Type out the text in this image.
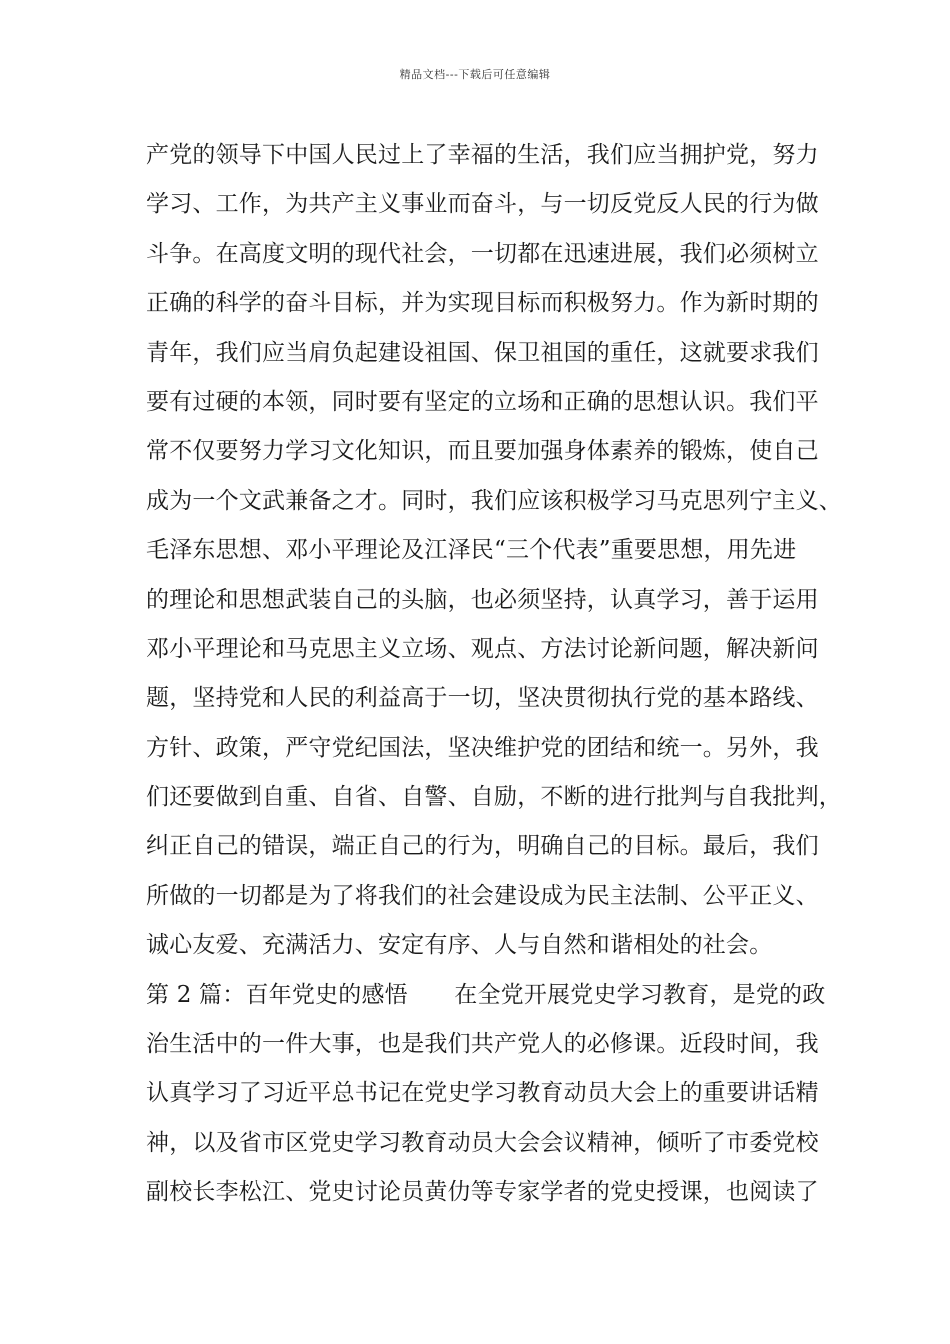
精品文档---下载后可任意编辑
产党的领导下中国人民过上了幸福的生活，我们应当拥护党，努力
学习、工作，为共产主义事业而奋斗，与一切反党反人民的行为做
斗争。在高度文明的现代社会，一切都在迅速进展，我们必须树立
正确的科学的奋斗目标，并为实现目标而积极努力。作为新时期的
青年，我们应当肩负起建设祖国、保卫祖国的重任，这就要求我们
要有过硬的本领，同时要有坚定的立场和正确的思想认识。我们平
常不仅要努力学习文化知识，而且要加强身体素养的锻炼，使自己
成为一个文武兼备之才。同时，我们应该积极学习马克思列宁主义、
毛泽东思想、邓小平理论及江泽民“三个代表”重要思想，用先进
的理论和思想武装自己的头脑，也必须坚持，认真学习，善于运用
邓小平理论和马克思主义立场、观点、方法讨论新问题，解决新问
题，坚持党和人民的利益高于一切，坚决贯彻执行党的基本路线、
方针、政策，严守党纪国法，坚决维护党的团结和统一。另外，我
们还要做到自重、自省、自警、自励，不断的进行批判与自我批判，
纠正自己的错误，端正自己的行为，明确自己的目标。最后，我们
所做的一切都是为了将我们的社会建设成为民主法制、公平正义、
诚心友爱、充满活力、安定有序、人与自然和谐相处的社会。
第 2 篇：百年党史的感悟　　在全党开展党史学习教育，是党的政
治生活中的一件大事，也是我们共产党人的必修课。近段时间，我
认真学习了习近平总书记在党史学习教育动员大会上的重要讲话精
神，以及省市区党史学习教育动员大会会议精神，倾听了市委党校
副校长李松江、党史讨论员黄仂等专家学者的党史授课，也阅读了
